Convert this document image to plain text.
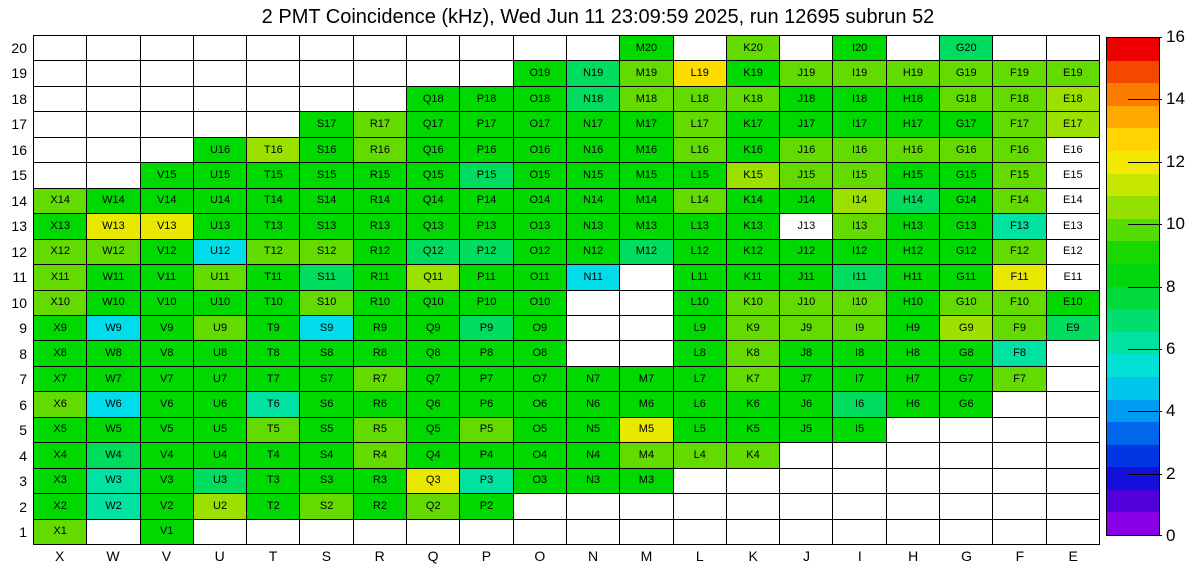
2 PMT Coincidence (kHz), Wed Jun 11 23:09:59 2025, run 12695 subrun 52
20
19
18
17
16
15
14
13
12
11
10
9
8
7
6
5
4
3
2
1
M20	K20	I20	G20
O19	N19	M19	L19	K19	J19	I19	H19	G19	F19	E19
Q18	P18	O18	N18	M18	L18	K18	J18	I18	H18	G18	F18	E18
S17	R17	Q17	P17	O17	N17	M17	L17	K17	J17	I17	H17	G17	F17	E17
U16	T16	S16	R16	Q16	P16	O16	N16	M16	L16	K16	J16	I16	H16	G16	F16	E16
V15	U15	T15	S15	R15	Q15	P15	O15	N15	M15	L15	K15	J15	I15	H15	G15	F15	E15
X14	W14	V14	U14	T14	S14	R14	Q14	P14	O14	N14	M14	L14	K14	J14	I14	H14	G14	F14	E14
X13	W13	V13	U13	T13	S13	R13	Q13	P13	O13	N13	M13	L13	K13	J13	I13	H13	G13	F13	E13
X12	W12	V12	U12	T12	S12	R12	Q12	P12	O12	N12	M12	L12	K12	J12	I12	H12	G12	F12	E12
X11	W11	V11	U11	T11	S11	R11	Q11	P11	O11	N11	L11	K11	J11	I11	H11	G11	F11	E11
X10	W10	V10	U10	T10	S10	R10	Q10	P10	O10	L10	K10	J10	I10	H10	G10	F10	E10
X9	W9	V9	U9	T9	S9	R9	Q9	P9	O9	L9	K9	J9	I9	H9	G9	F9	E9
X8	W8	V8	U8	T8	S8	R8	Q8	P8	O8	L8	K8	J8	I8	H8	G8	F8
X7	W7	V7	U7	T7	S7	R7	Q7	P7	O7	N7	M7	L7	K7	J7	I7	H7	G7	F7
X6	W6	V6	U6	T6	S6	R6	Q6	P6	O6	N6	M6	L6	K6	J6	I6	H6	G6
X5	W5	V5	U5	T5	S5	R5	Q5	P5	O5	N5	M5	L5	K5	J5	I5
X4	W4	V4	U4	T4	S4	R4	Q4	P4	O4	N4	M4	L4	K4
X3	W3	V3	U3	T3	S3	R3	Q3	P3	O3	N3	M3
X2	W2	V2	U2	T2	S2	R2	Q2	P2
X1	V1
X	W	V	U	T	S	R	Q	P	O	N	M	L	K	J	I	H	G	F	E
0
2
4
6
8
10
12
14
16
